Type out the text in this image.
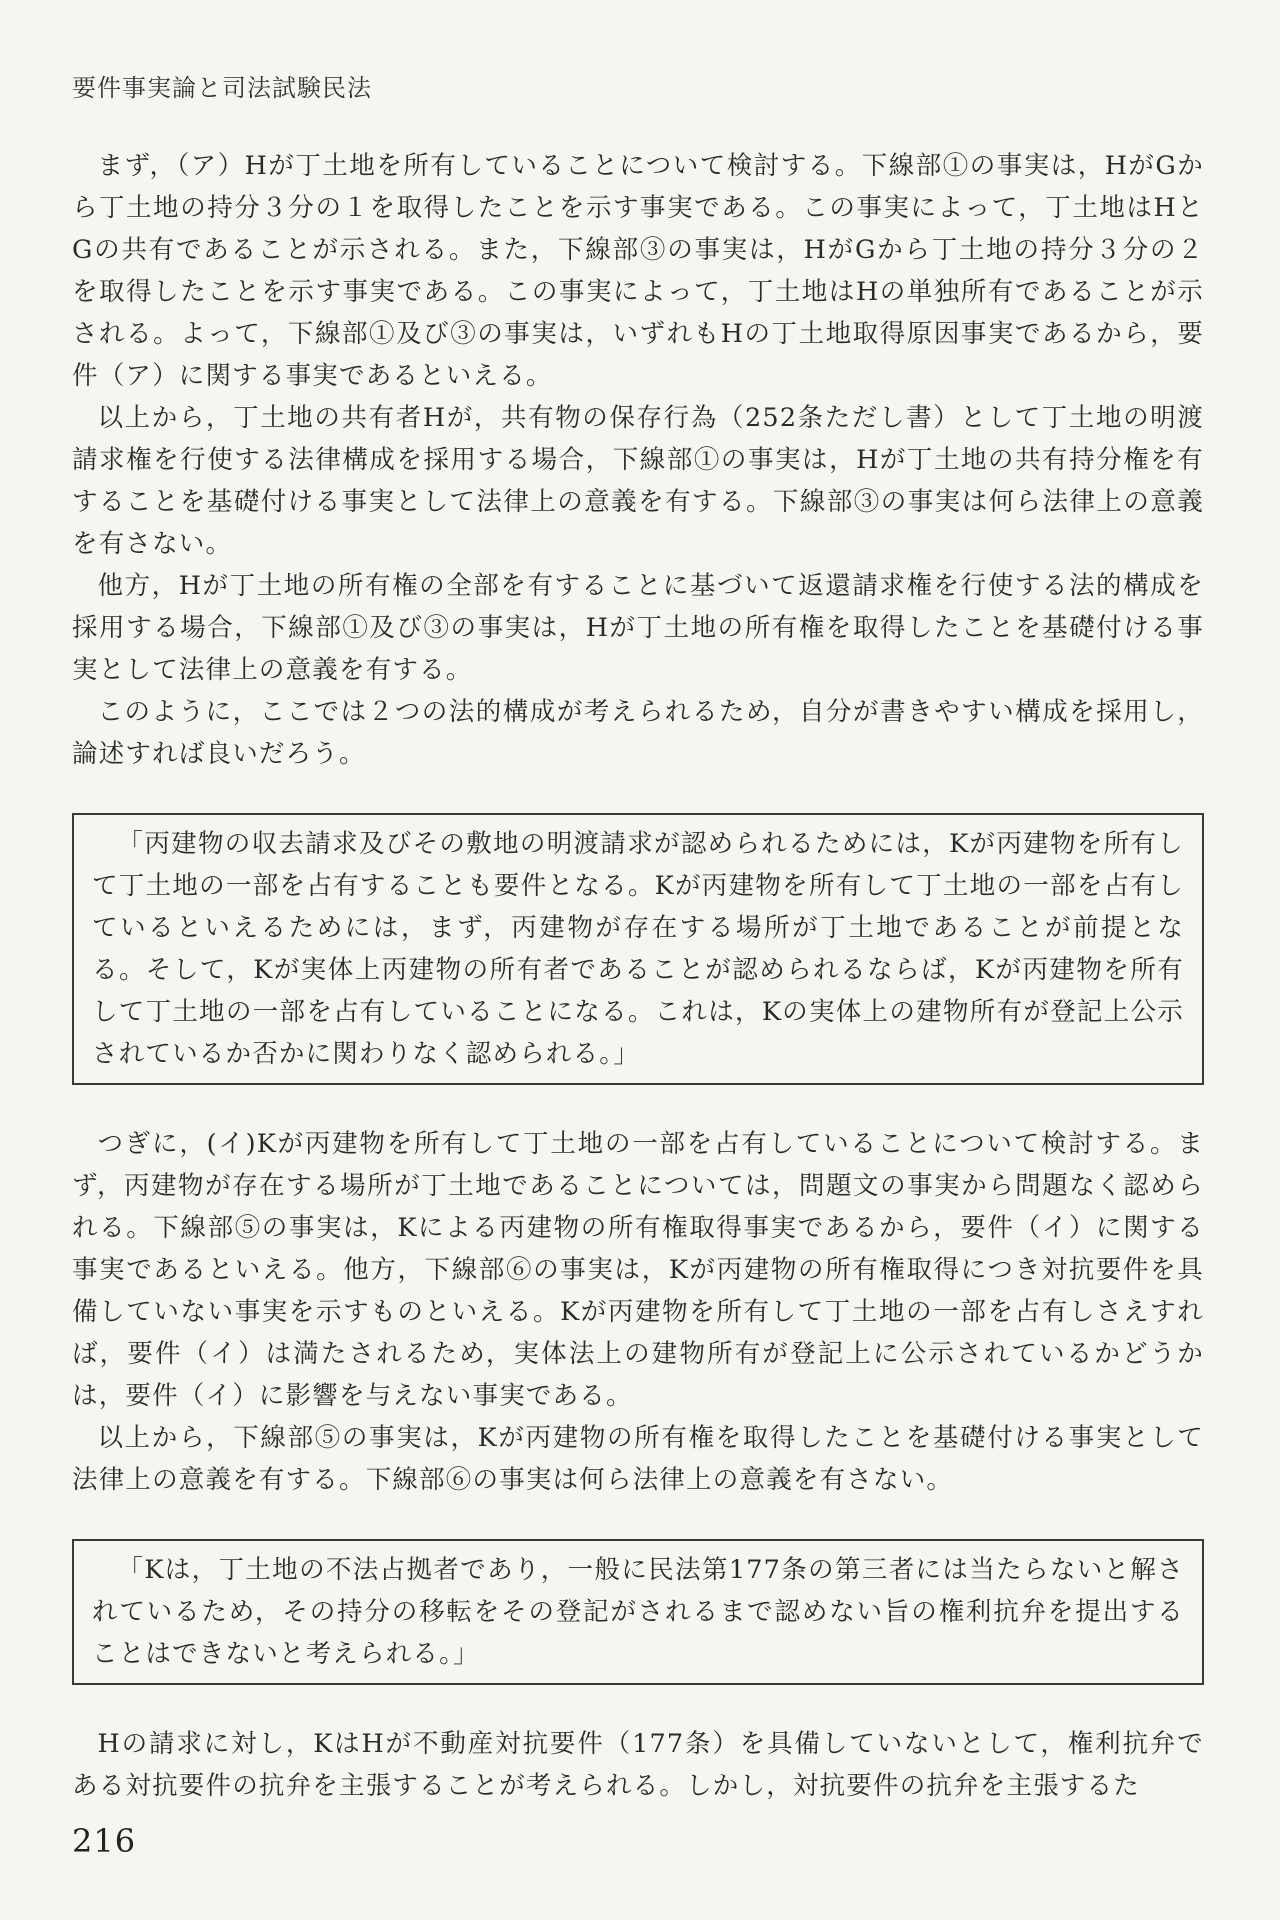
要件事実論と司法試験民法

まず，（ア）Hが丁土地を所有していることについて検討する。下線部①の事実は，HがGから丁土地の持分３分の１を取得したことを示す事実である。この事実によって，丁土地はHとGの共有であることが示される。また，下線部③の事実は，HがGから丁土地の持分３分の２を取得したことを示す事実である。この事実によって，丁土地はHの単独所有であることが示される。よって，下線部①及び③の事実は，いずれもHの丁土地取得原因事実であるから，要件（ア）に関する事実であるといえる。

以上から，丁土地の共有者Hが，共有物の保存行為（252条ただし書）として丁土地の明渡請求権を行使する法律構成を採用する場合，下線部①の事実は，Hが丁土地の共有持分権を有することを基礎付ける事実として法律上の意義を有する。下線部③の事実は何ら法律上の意義を有さない。

他方，Hが丁土地の所有権の全部を有することに基づいて返還請求権を行使する法的構成を採用する場合，下線部①及び③の事実は，Hが丁土地の所有権を取得したことを基礎付ける事実として法律上の意義を有する。

このように，ここでは２つの法的構成が考えられるため，自分が書きやすい構成を採用し，論述すれば良いだろう。

「丙建物の収去請求及びその敷地の明渡請求が認められるためには，Kが丙建物を所有して丁土地の一部を占有することも要件となる。Kが丙建物を所有して丁土地の一部を占有しているといえるためには，まず，丙建物が存在する場所が丁土地であることが前提となる。そして，Kが実体上丙建物の所有者であることが認められるならば，Kが丙建物を所有して丁土地の一部を占有していることになる。これは，Kの実体上の建物所有が登記上公示されているか否かに関わりなく認められる。」

つぎに，(イ)Kが丙建物を所有して丁土地の一部を占有していることについて検討する。まず，丙建物が存在する場所が丁土地であることについては，問題文の事実から問題なく認められる。下線部⑤の事実は，Kによる丙建物の所有権取得事実であるから，要件（イ）に関する事実であるといえる。他方，下線部⑥の事実は，Kが丙建物の所有権取得につき対抗要件を具備していない事実を示すものといえる。Kが丙建物を所有して丁土地の一部を占有しさえすれば，要件（イ）は満たされるため，実体法上の建物所有が登記上に公示されているかどうかは，要件（イ）に影響を与えない事実である。

以上から，下線部⑤の事実は，Kが丙建物の所有権を取得したことを基礎付ける事実として法律上の意義を有する。下線部⑥の事実は何ら法律上の意義を有さない。

「Kは，丁土地の不法占拠者であり，一般に民法第177条の第三者には当たらないと解されているため，その持分の移転をその登記がされるまで認めない旨の権利抗弁を提出することはできないと考えられる。」

Hの請求に対し，KはHが不動産対抗要件（177条）を具備していないとして，権利抗弁である対抗要件の抗弁を主張することが考えられる。しかし，対抗要件の抗弁を主張するた

216
